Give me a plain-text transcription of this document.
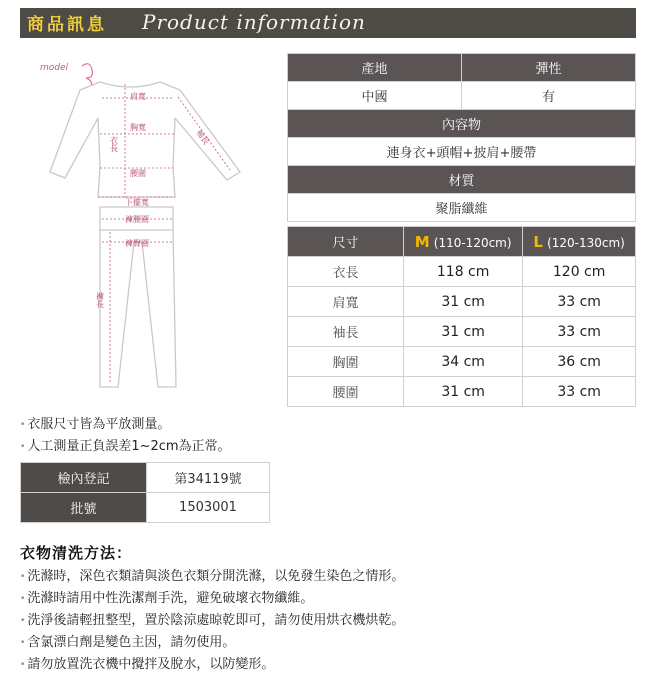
商品訊息 Product information
model
肩寬
胸寬
衣長	袖長
腰圍
下擺寬
褲腰圍
褲臀圍
褲長
產地	彈性
中國	有
內容物	
連身衣+頭帽+披肩+腰帶	
材質	
聚脂纖維	
尺寸	M (110-120cm)	L (120-130cm)
衣長	118 cm	120 cm
肩寬	31 cm	33 cm
袖長	31 cm	33 cm
胸圍	34 cm	36 cm
腰圍	31 cm	33 cm
• 衣服尺寸皆為平放測量。
• 人工測量正負誤差1~2cm為正常。
檢內登記	第34119號
批號	1503001
衣物清洗方法：
• 洗滌時，深色衣類請與淡色衣類分開洗滌，以免發生染色之情形。
• 洗滌時請用中性洗潔劑手洗，避免破壞衣物纖維。
• 洗淨後請輕扭整型，置於陰涼處晾乾即可，請勿使用烘衣機烘乾。
• 含氯漂白劑是變色主因，請勿使用。
• 請勿放置洗衣機中攪拌及脫水，以防變形。
